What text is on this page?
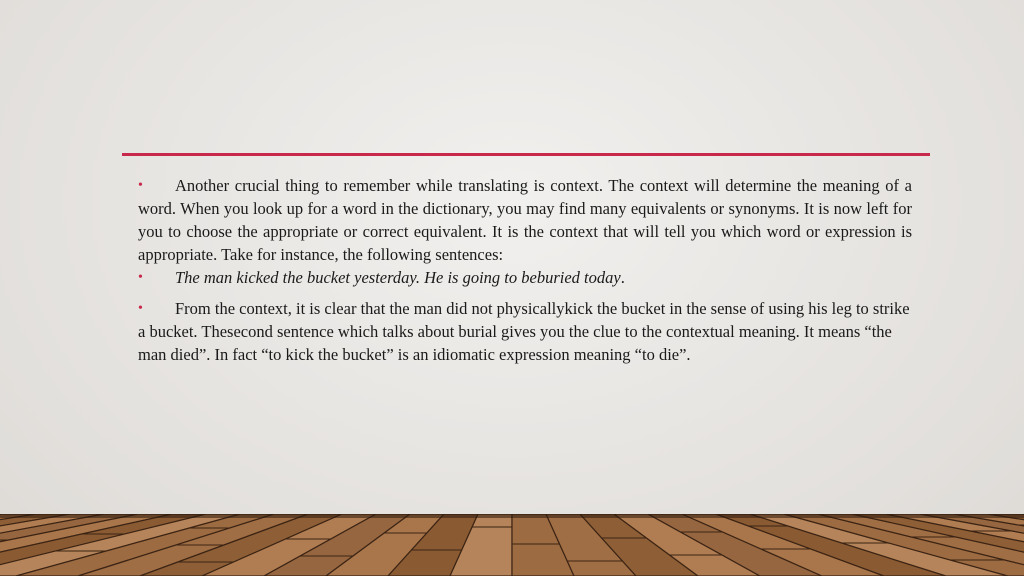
• Another crucial thing to remember while translating is context. The context will determine the meaning of a word. When you look up for a word in the dictionary, you may find many equivalents or synonyms. It is now left for you to choose the appropriate or correct equivalent. It is the context that will tell you which word or expression is appropriate. Take for instance, the following sentences:

• The man kicked the bucket yesterday. He is going to beburied today.

• From the context, it is clear that the man did not physicallykick the bucket in the sense of using his leg to strike a bucket. Thesecond sentence which talks about burial gives you the clue to the contextual meaning. It means “the man died”. In fact “to kick the bucket” is an idiomatic expression meaning “to die”.
